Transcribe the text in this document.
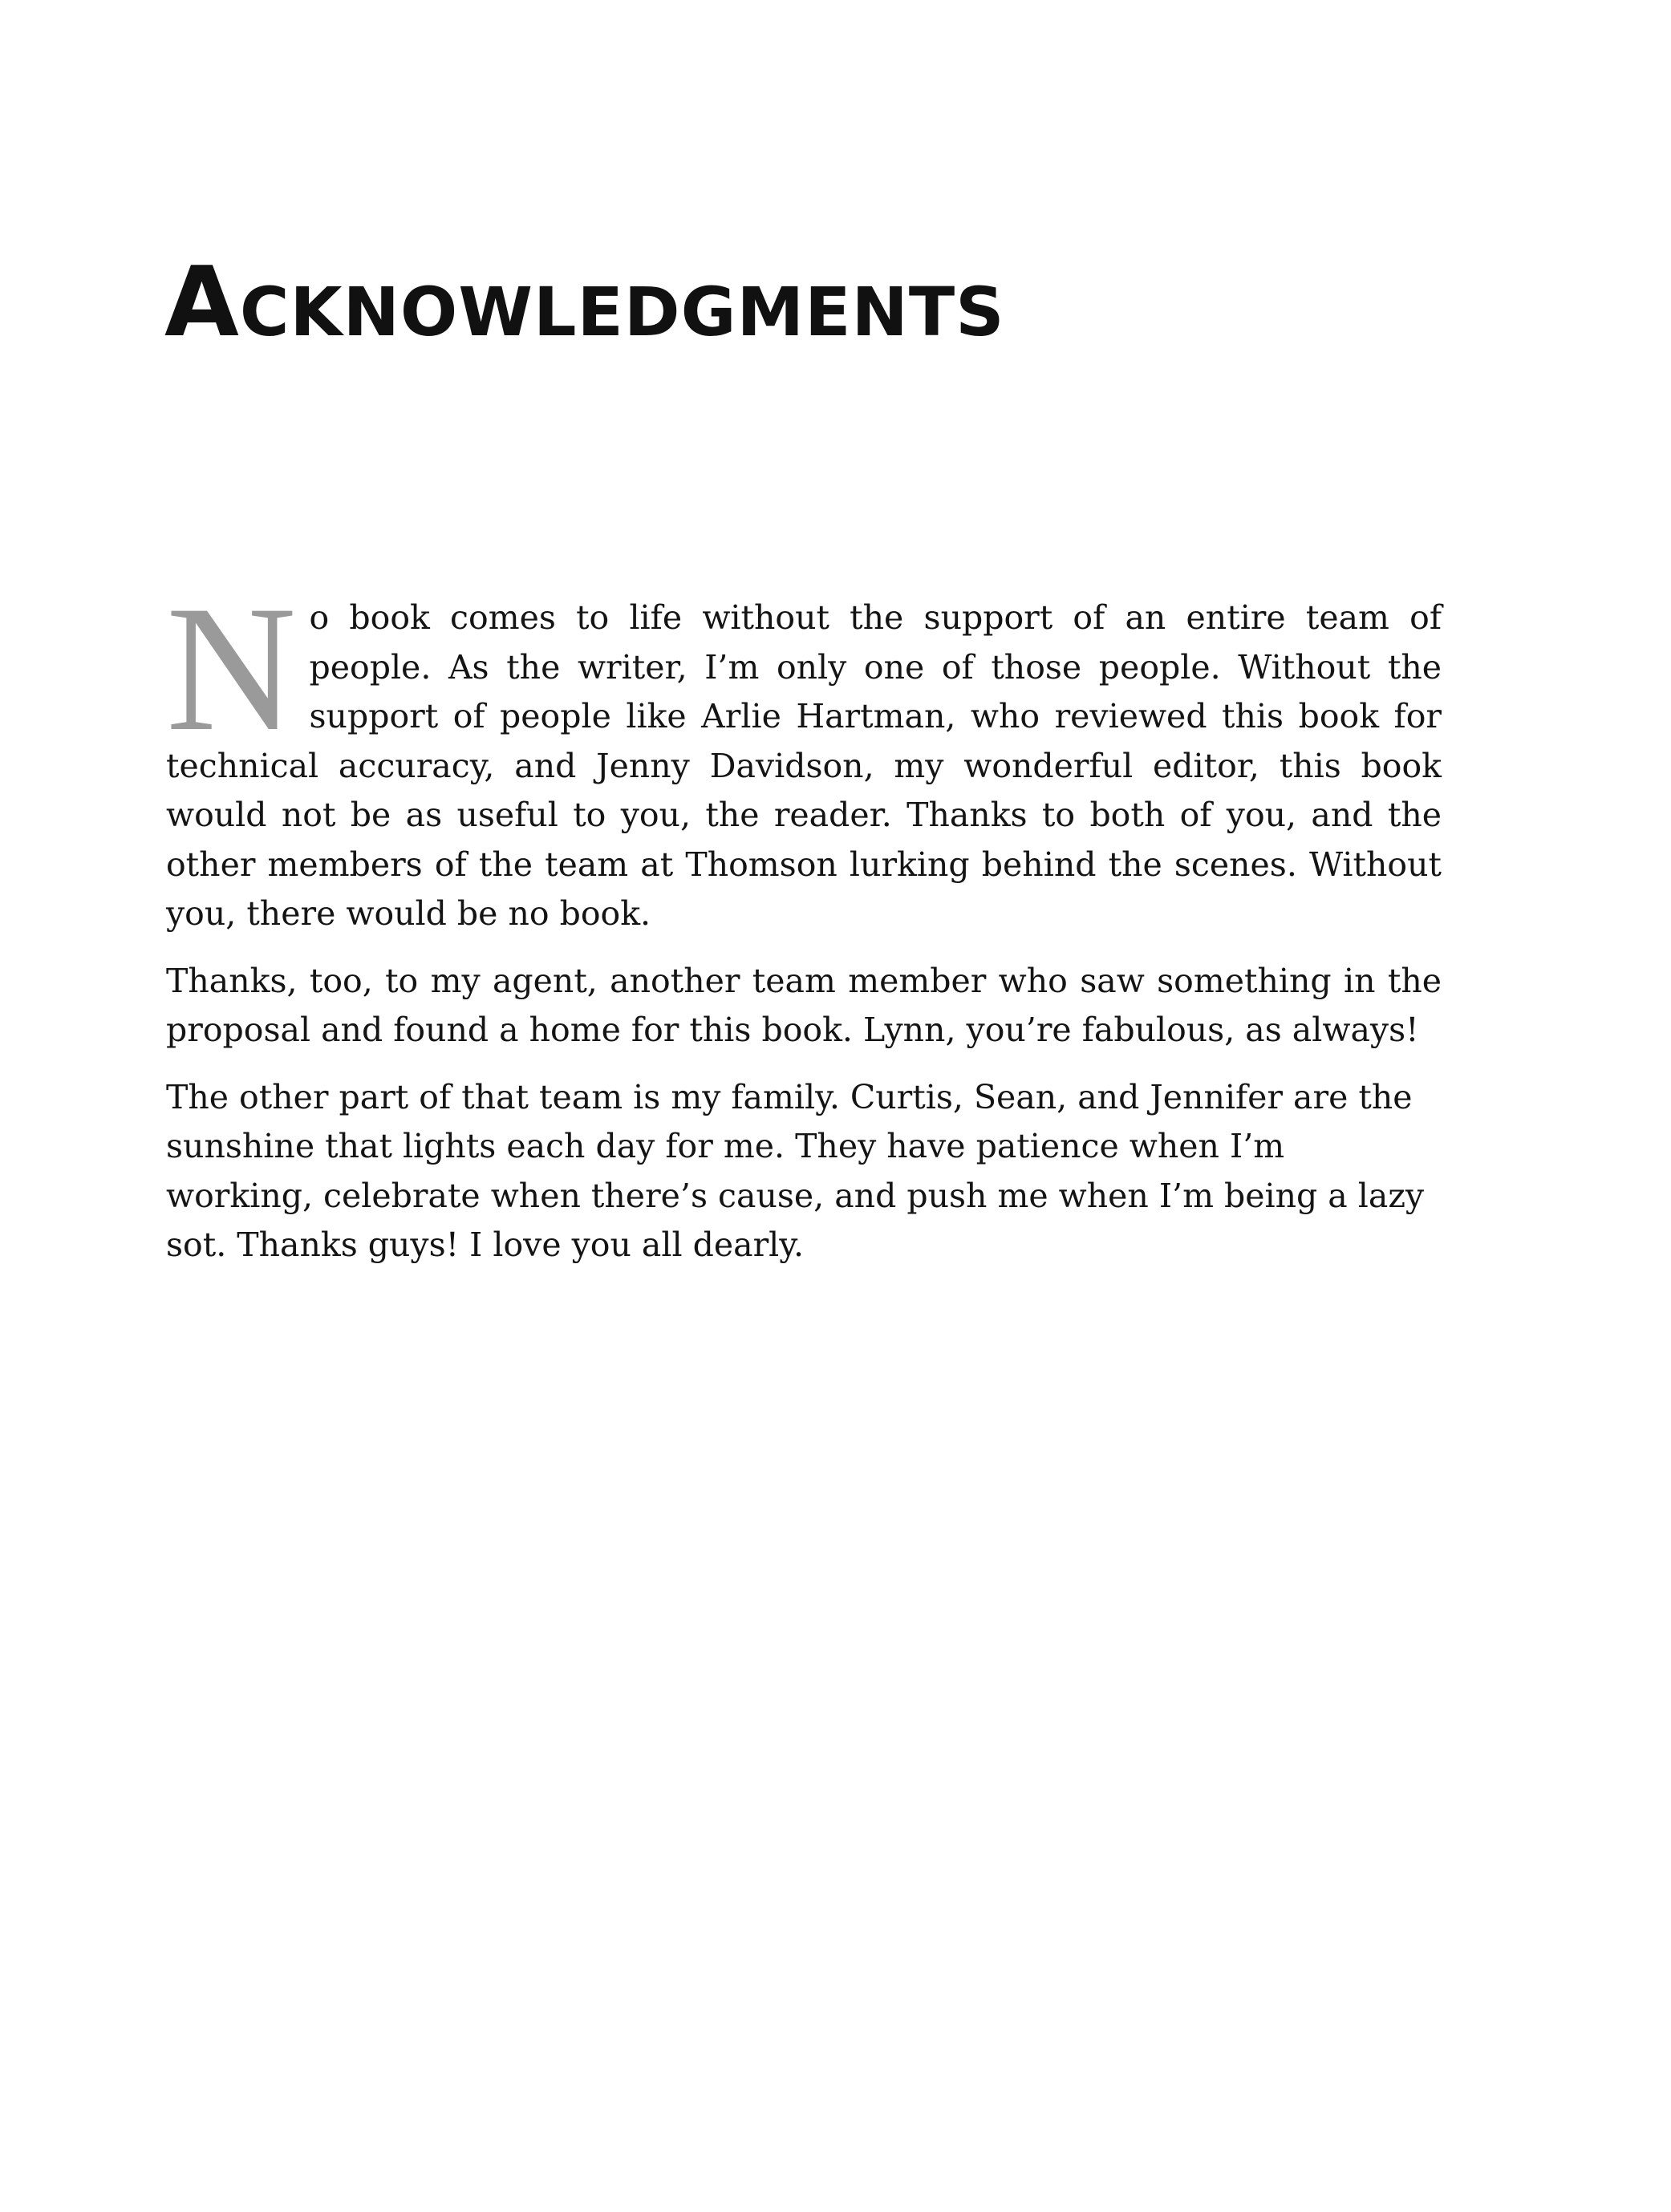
Acknowledgments

No book comes to life without the support of an entire team of people. As the writer, I’m only one of those people. Without the support of people like Arlie Hartman, who reviewed this book for technical accuracy, and Jenny Davidson, my wonderful editor, this book would not be as useful to you, the reader. Thanks to both of you, and the other members of the team at Thomson lurking behind the scenes. Without you, there would be no book.

Thanks, too, to my agent, another team member who saw something in the proposal and found a home for this book. Lynn, you’re fabulous, as always!

The other part of that team is my family. Curtis, Sean, and Jennifer are the sunshine that lights each day for me. They have patience when I’m working, celebrate when there’s cause, and push me when I’m being a lazy sot. Thanks guys! I love you all dearly.
